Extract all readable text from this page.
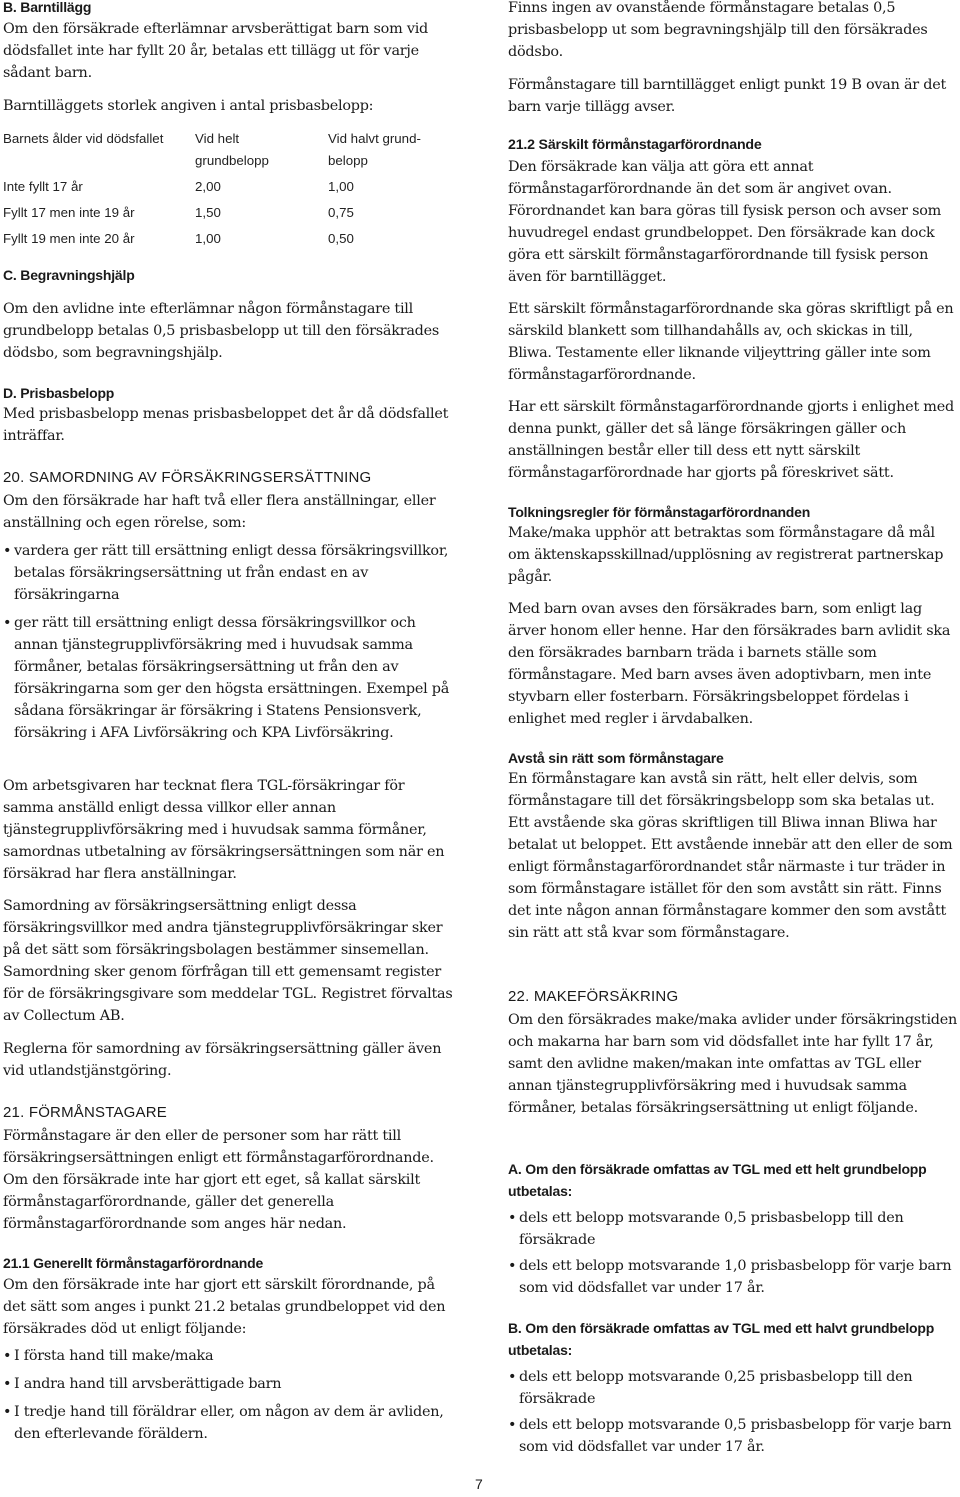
B. Barntillägg

Om den försäkrade efterlämnar arvsberättigat barn som vid dödsfallet inte har fyllt 20 år, betalas ett tillägg ut för varje sådant barn.

Barntilläggets storlek angiven i antal prisbasbelopp:

Barnets ålder vid dödsfallet	Vid helt	Vid halvt grund-
grundbelopp	belopp
Inte fyllt 17 år	2,00	1,00
Fyllt 17 men inte 19 år	1,50	0,75
Fyllt 19 men inte 20 år	1,00	0,50

C. Begravningshjälp

Om den avlidne inte efterlämnar någon förmånstagare till grundbelopp betalas 0,5 prisbasbelopp ut till den försäkrades dödsbo, som begravningshjälp.

D. Prisbasbelopp

Med prisbasbelopp menas prisbasbeloppet det år då dödsfallet inträffar.

20. SAMORDNING AV FÖRSÄKRINGSERSÄTTNING

Om den försäkrade har haft två eller flera anställningar, eller anställning och egen rörelse, som:

• vardera ger rätt till ersättning enligt dessa försäkringsvillkor, betalas försäkringsersättning ut från endast en av försäkringarna

• ger rätt till ersättning enligt dessa försäkringsvillkor och annan tjänstegrupplivförsäkring med i huvudsak samma förmåner, betalas försäkringsersättning ut från den av försäkringarna som ger den högsta ersättningen. Exempel på sådana försäkringar är försäkring i Statens Pensionsverk, försäkring i AFA Livförsäkring och KPA Livförsäkring.

Om arbetsgivaren har tecknat flera TGL-försäkringar för samma anställd enligt dessa villkor eller annan tjänstegrupplivförsäkring med i huvudsak samma förmåner, samordnas utbetalning av försäkringsersättningen som när en försäkrad har flera anställningar.

Samordning av försäkringsersättning enligt dessa försäkringsvillkor med andra tjänstegrupplivförsäkringar sker på det sätt som försäkringsbolagen bestämmer sinsemellan. Samordning sker genom förfrågan till ett gemensamt register för de försäkringsgivare som meddelar TGL. Registret förvaltas av Collectum AB.

Reglerna för samordning av försäkringsersättning gäller även vid utlandstjänstgöring.

21. FÖRMÅNSTAGARE

Förmånstagare är den eller de personer som har rätt till försäkringsersättningen enligt ett förmånstagarförordnande. Om den försäkrade inte har gjort ett eget, så kallat särskilt förmånstagarförordnande, gäller det generella förmånstagarförordnande som anges här nedan.

21.1 Generellt förmånstagarförordnande

Om den försäkrade inte har gjort ett särskilt förordnande, på det sätt som anges i punkt 21.2 betalas grundbeloppet vid den försäkrades död ut enligt följande:

• I första hand till make/maka

• I andra hand till arvsberättigade barn

• I tredje hand till föräldrar eller, om någon av dem är avliden, den efterlevande föräldern.

Finns ingen av ovanstående förmånstagare betalas 0,5 prisbasbelopp ut som begravningshjälp till den försäkrades dödsbo.

Förmånstagare till barntillägget enligt punkt 19 B ovan är det barn varje tillägg avser.

21.2 Särskilt förmånstagarförordnande

Den försäkrade kan välja att göra ett annat förmånstagarförordnande än det som är angivet ovan. Förordnandet kan bara göras till fysisk person och avser som huvudregel endast grundbeloppet. Den försäkrade kan dock göra ett särskilt förmånstagarförordnande till fysisk person även för barntillägget.

Ett särskilt förmånstagarförordnande ska göras skriftligt på en särskild blankett som tillhandahålls av, och skickas in till, Bliwa. Testamente eller liknande viljeyttring gäller inte som förmånstagarförordnande.

Har ett särskilt förmånstagarförordnande gjorts i enlighet med denna punkt, gäller det så länge försäkringen gäller och anställningen består eller till dess ett nytt särskilt förmånstagarförordnade har gjorts på föreskrivet sätt.

Tolkningsregler för förmånstagarförordnanden

Make/maka upphör att betraktas som förmånstagare då mål om äktenskapsskillnad/upplösning av registrerat partnerskap pågår.

Med barn ovan avses den försäkrades barn, som enligt lag ärver honom eller henne. Har den försäkrades barn avlidit ska den försäkrades barnbarn träda i barnets ställe som förmånstagare. Med barn avses även adoptivbarn, men inte styvbarn eller fosterbarn. Försäkringsbeloppet fördelas i enlighet med regler i ärvdabalken.

Avstå sin rätt som förmånstagare

En förmånstagare kan avstå sin rätt, helt eller delvis, som förmånstagare till det försäkringsbelopp som ska betalas ut. Ett avstående ska göras skriftligen till Bliwa innan Bliwa har betalat ut beloppet. Ett avstående innebär att den eller de som enligt förmånstagarförordnandet står närmaste i tur träder in som förmånstagare istället för den som avstått sin rätt. Finns det inte någon annan förmånstagare kommer den som avstått sin rätt att stå kvar som förmånstagare.

22. MAKEFÖRSÄKRING

Om den försäkrades make/maka avlider under försäkringstiden och makarna har barn som vid dödsfallet inte har fyllt 17 år, samt den avlidne maken/makan inte omfattas av TGL eller annan tjänstegrupplivförsäkring med i huvudsak samma förmåner, betalas försäkringsersättning ut enligt följande.

A. Om den försäkrade omfattas av TGL med ett helt grundbelopp utbetalas:

• dels ett belopp motsvarande 0,5 prisbasbelopp till den försäkrade

• dels ett belopp motsvarande 1,0 prisbasbelopp för varje barn som vid dödsfallet var under 17 år.

B. Om den försäkrade omfattas av TGL med ett halvt grundbelopp utbetalas:

• dels ett belopp motsvarande 0,25 prisbasbelopp till den försäkrade

• dels ett belopp motsvarande 0,5 prisbasbelopp för varje barn som vid dödsfallet var under 17 år.

7
